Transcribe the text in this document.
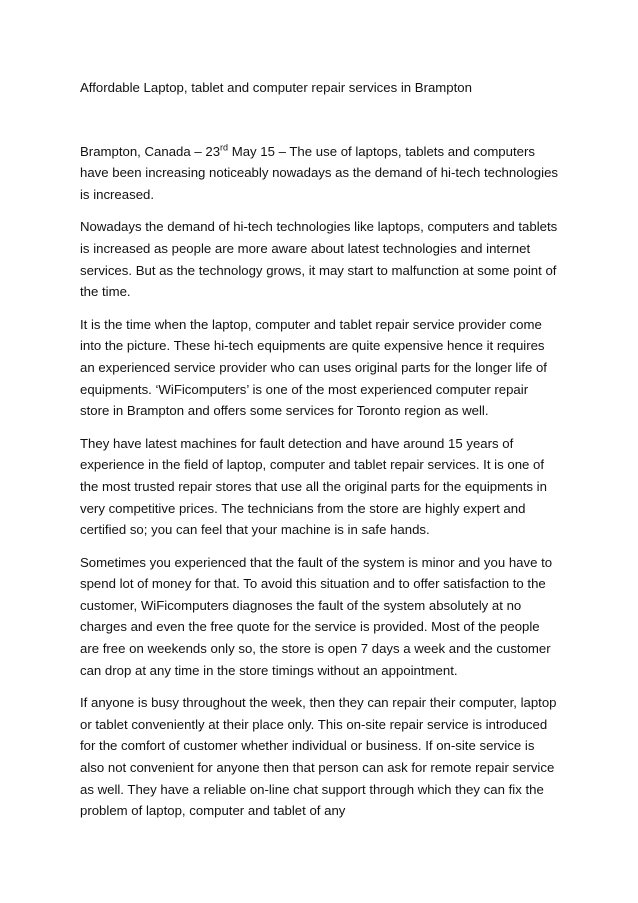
Affordable Laptop, tablet and computer repair services in Brampton

Brampton, Canada – 23rd May 15 – The use of laptops, tablets and computers have been increasing noticeably nowadays as the demand of hi-tech technologies is increased.

Nowadays the demand of hi-tech technologies like laptops, computers and tablets is increased as people are more aware about latest technologies and internet services. But as the technology grows, it may start to malfunction at some point of the time.

It is the time when the laptop, computer and tablet repair service provider come into the picture. These hi-tech equipments are quite expensive hence it requires an experienced service provider who can uses original parts for the longer life of equipments. ‘WiFicomputers’ is one of the most experienced computer repair store in Brampton and offers some services for Toronto region as well.

They have latest machines for fault detection and have around 15 years of experience in the field of laptop, computer and tablet repair services. It is one of the most trusted repair stores that use all the original parts for the equipments in very competitive prices. The technicians from the store are highly expert and certified so; you can feel that your machine is in safe hands.

Sometimes you experienced that the fault of the system is minor and you have to spend lot of money for that. To avoid this situation and to offer satisfaction to the customer, WiFicomputers diagnoses the fault of the system absolutely at no charges and even the free quote for the service is provided. Most of the people are free on weekends only so, the store is open 7 days a week and the customer can drop at any time in the store timings without an appointment.

If anyone is busy throughout the week, then they can repair their computer, laptop or tablet conveniently at their place only. This on-site repair service is introduced for the comfort of customer whether individual or business. If on-site service is also not convenient for anyone then that person can ask for remote repair service as well. They have a reliable on-line chat support through which they can fix the problem of laptop, computer and tablet of any
